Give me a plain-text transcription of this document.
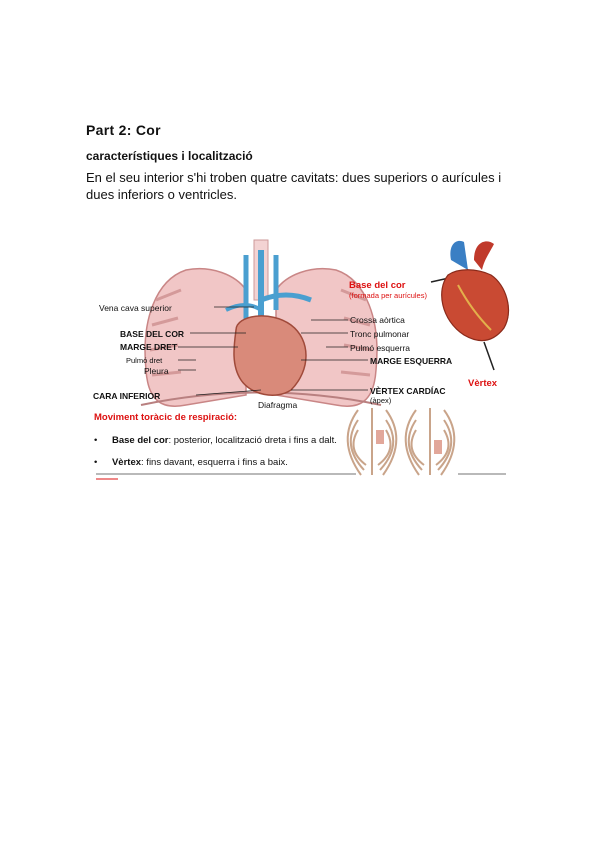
Part 2: Cor
característiques i localització
En el seu interior s'hi troben quatre cavitats: dues superiors o aurícules i dues inferiors o ventricles.
Vena cava superior
BASE DEL COR
MARGE DRET
Pulmó dret
Pleura
CARA INFERIOR
Diafragma
Crossa aòrtica
Tronc pulmonar
Pulmó esquerra
MARGE ESQUERRA
VÈRTEX CARDÍAC
(àpex)
Base del cor
(formada per aurícules)
Vèrtex
Moviment toràcic de respiració:
• Base del cor: posterior, localització dreta i fins a dalt.
• Vèrtex: fins davant, esquerra i fins a baix.
